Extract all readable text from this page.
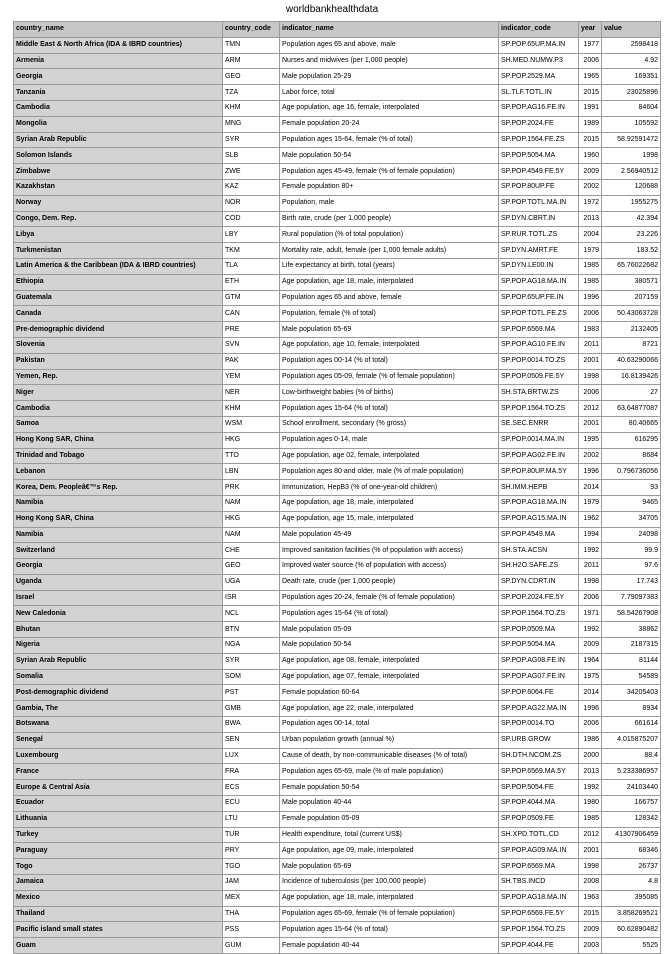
worldbankhealthdata
country_name	country_code	indicator_name	indicator_code	year	value
Middle East & North Africa (IDA & IBRD countries)	TMN	Population ages 65 and above, male	SP.POP.65UP.MA.IN	1977	2598418
Armenia	ARM	Nurses and midwives (per 1,000 people)	SH.MED.NUMW.P3	2006	4.92
Georgia	GEO	Male population 25-29	SP.POP.2529.MA	1965	169351
Tanzania	TZA	Labor force, total	SL.TLF.TOTL.IN	2015	23025896
Cambodia	KHM	Age population, age 16, female, interpolated	SP.POP.AG16.FE.IN	1991	84604
Mongolia	MNG	Female population 20-24	SP.POP.2024.FE	1989	105592
Syrian Arab Republic	SYR	Population ages 15-64, female (% of total)	SP.POP.1564.FE.ZS	2015	58.92591472
Solomon Islands	SLB	Male population 50-54	SP.POP.5054.MA	1960	1998
Zimbabwe	ZWE	Population ages 45-49, female (% of female population)	SP.POP.4549.FE.5Y	2009	2.56940512
Kazakhstan	KAZ	Female population 80+	SP.POP.80UP.FE	2002	120688
Norway	NOR	Population, male	SP.POP.TOTL.MA.IN	1972	1955275
Congo, Dem. Rep.	COD	Birth rate, crude (per 1,000 people)	SP.DYN.CBRT.IN	2013	42.394
Libya	LBY	Rural population (% of total population)	SP.RUR.TOTL.ZS	2004	23.226
Turkmenistan	TKM	Mortality rate, adult, female (per 1,000 female adults)	SP.DYN.AMRT.FE	1979	183.52
Latin America & the Caribbean (IDA & IBRD countries)	TLA	Life expectancy at birth, total (years)	SP.DYN.LE00.IN	1985	65.76022682
Ethiopia	ETH	Age population, age 18, male, interpolated	SP.POP.AG18.MA.IN	1985	380571
Guatemala	GTM	Population ages 65 and above, female	SP.POP.65UP.FE.IN	1996	207159
Canada	CAN	Population, female (% of total)	SP.POP.TOTL.FE.ZS	2006	50.43063728
Pre-demographic dividend	PRE	Male population 65-69	SP.POP.6569.MA	1983	2132405
Slovenia	SVN	Age population, age 10, female, interpolated	SP.POP.AG10.FE.IN	2011	8721
Pakistan	PAK	Population ages 00-14 (% of total)	SP.POP.0014.TO.ZS	2001	40.63290066
Yemen, Rep.	YEM	Population ages 05-09, female (% of female population)	SP.POP.0509.FE.5Y	1998	16.8139426
Niger	NER	Low-birthweight babies (% of births)	SH.STA.BRTW.ZS	2006	27
Cambodia	KHM	Population ages 15-64 (% of total)	SP.POP.1564.TO.ZS	2012	63.64877087
Samoa	WSM	School enrollment, secondary (% gross)	SE.SEC.ENRR	2001	80.40665
Hong Kong SAR, China	HKG	Population ages 0-14, male	SP.POP.0014.MA.IN	1995	616295
Trinidad and Tobago	TTO	Age population, age 02, female, interpolated	SP.POP.AG02.FE.IN	2002	8684
Lebanon	LBN	Population ages 80 and older, male (% of male population)	SP.POP.80UP.MA.5Y	1996	0.796736056
Korea, Dem. Peopleâ€™s Rep.	PRK	Immunization, HepB3 (% of one-year-old children)	SH.IMM.HEPB	2014	93
Namibia	NAM	Age population, age 18, male, interpolated	SP.POP.AG18.MA.IN	1979	9465
Hong Kong SAR, China	HKG	Age population, age 15, male, interpolated	SP.POP.AG15.MA.IN	1962	34705
Namibia	NAM	Male population 45-49	SP.POP.4549.MA	1994	24098
Switzerland	CHE	Improved sanitation facilities (% of population with access)	SH.STA.ACSN	1992	99.9
Georgia	GEO	Improved water source (% of population with access)	SH.H2O.SAFE.ZS	2011	97.6
Uganda	UGA	Death rate, crude (per 1,000 people)	SP.DYN.CDRT.IN	1998	17.743
Israel	ISR	Population ages 20-24, female (% of female population)	SP.POP.2024.FE.5Y	2006	7.79097383
New Caledonia	NCL	Population ages 15-64 (% of total)	SP.POP.1564.TO.ZS	1971	58.54267908
Bhutan	BTN	Male population 05-09	SP.POP.0509.MA	1992	38862
Nigeria	NGA	Male population 50-54	SP.POP.5054.MA	2009	2187315
Syrian Arab Republic	SYR	Age population, age 08, female, interpolated	SP.POP.AG08.FE.IN	1964	81144
Somalia	SOM	Age population, age 07, female, interpolated	SP.POP.AG07.FE.IN	1975	54589
Post-demographic dividend	PST	Female population 60-64	SP.POP.6064.FE	2014	34205403
Gambia, The	GMB	Age population, age 22, male, interpolated	SP.POP.AG22.MA.IN	1996	8934
Botswana	BWA	Population ages 00-14, total	SP.POP.0014.TO	2006	661614
Senegal	SEN	Urban population growth (annual %)	SP.URB.GROW	1986	4.015875207
Luxembourg	LUX	Cause of death, by non-communicable diseases (% of total)	SH.DTH.NCOM.ZS	2000	88.4
France	FRA	Population ages 65-69, male (% of male population)	SP.POP.6569.MA.5Y	2013	5.233386957
Europe & Central Asia	ECS	Female population 50-54	SP.POP.5054.FE	1992	24103440
Ecuador	ECU	Male population 40-44	SP.POP.4044.MA	1980	166757
Lithuania	LTU	Female population 05-09	SP.POP.0509.FE	1985	128342
Turkey	TUR	Health expenditure, total (current US$)	SH.XPD.TOTL.CD	2012	41307906459
Paraguay	PRY	Age population, age 09, male, interpolated	SP.POP.AG09.MA.IN	2001	68346
Togo	TGO	Male population 65-69	SP.POP.6569.MA	1998	26737
Jamaica	JAM	Incidence of tuberculosis (per 100,000 people)	SH.TBS.INCD	2008	4.8
Mexico	MEX	Age population, age 18, male, interpolated	SP.POP.AG18.MA.IN	1963	395085
Thailand	THA	Population ages 65-69, female (% of female population)	SP.POP.6569.FE.5Y	2015	3.858269521
Pacific island small states	PSS	Population ages 15-64 (% of total)	SP.POP.1564.TO.ZS	2009	60.62890482
Guam	GUM	Female population 40-44	SP.POP.4044.FE	2003	5525
